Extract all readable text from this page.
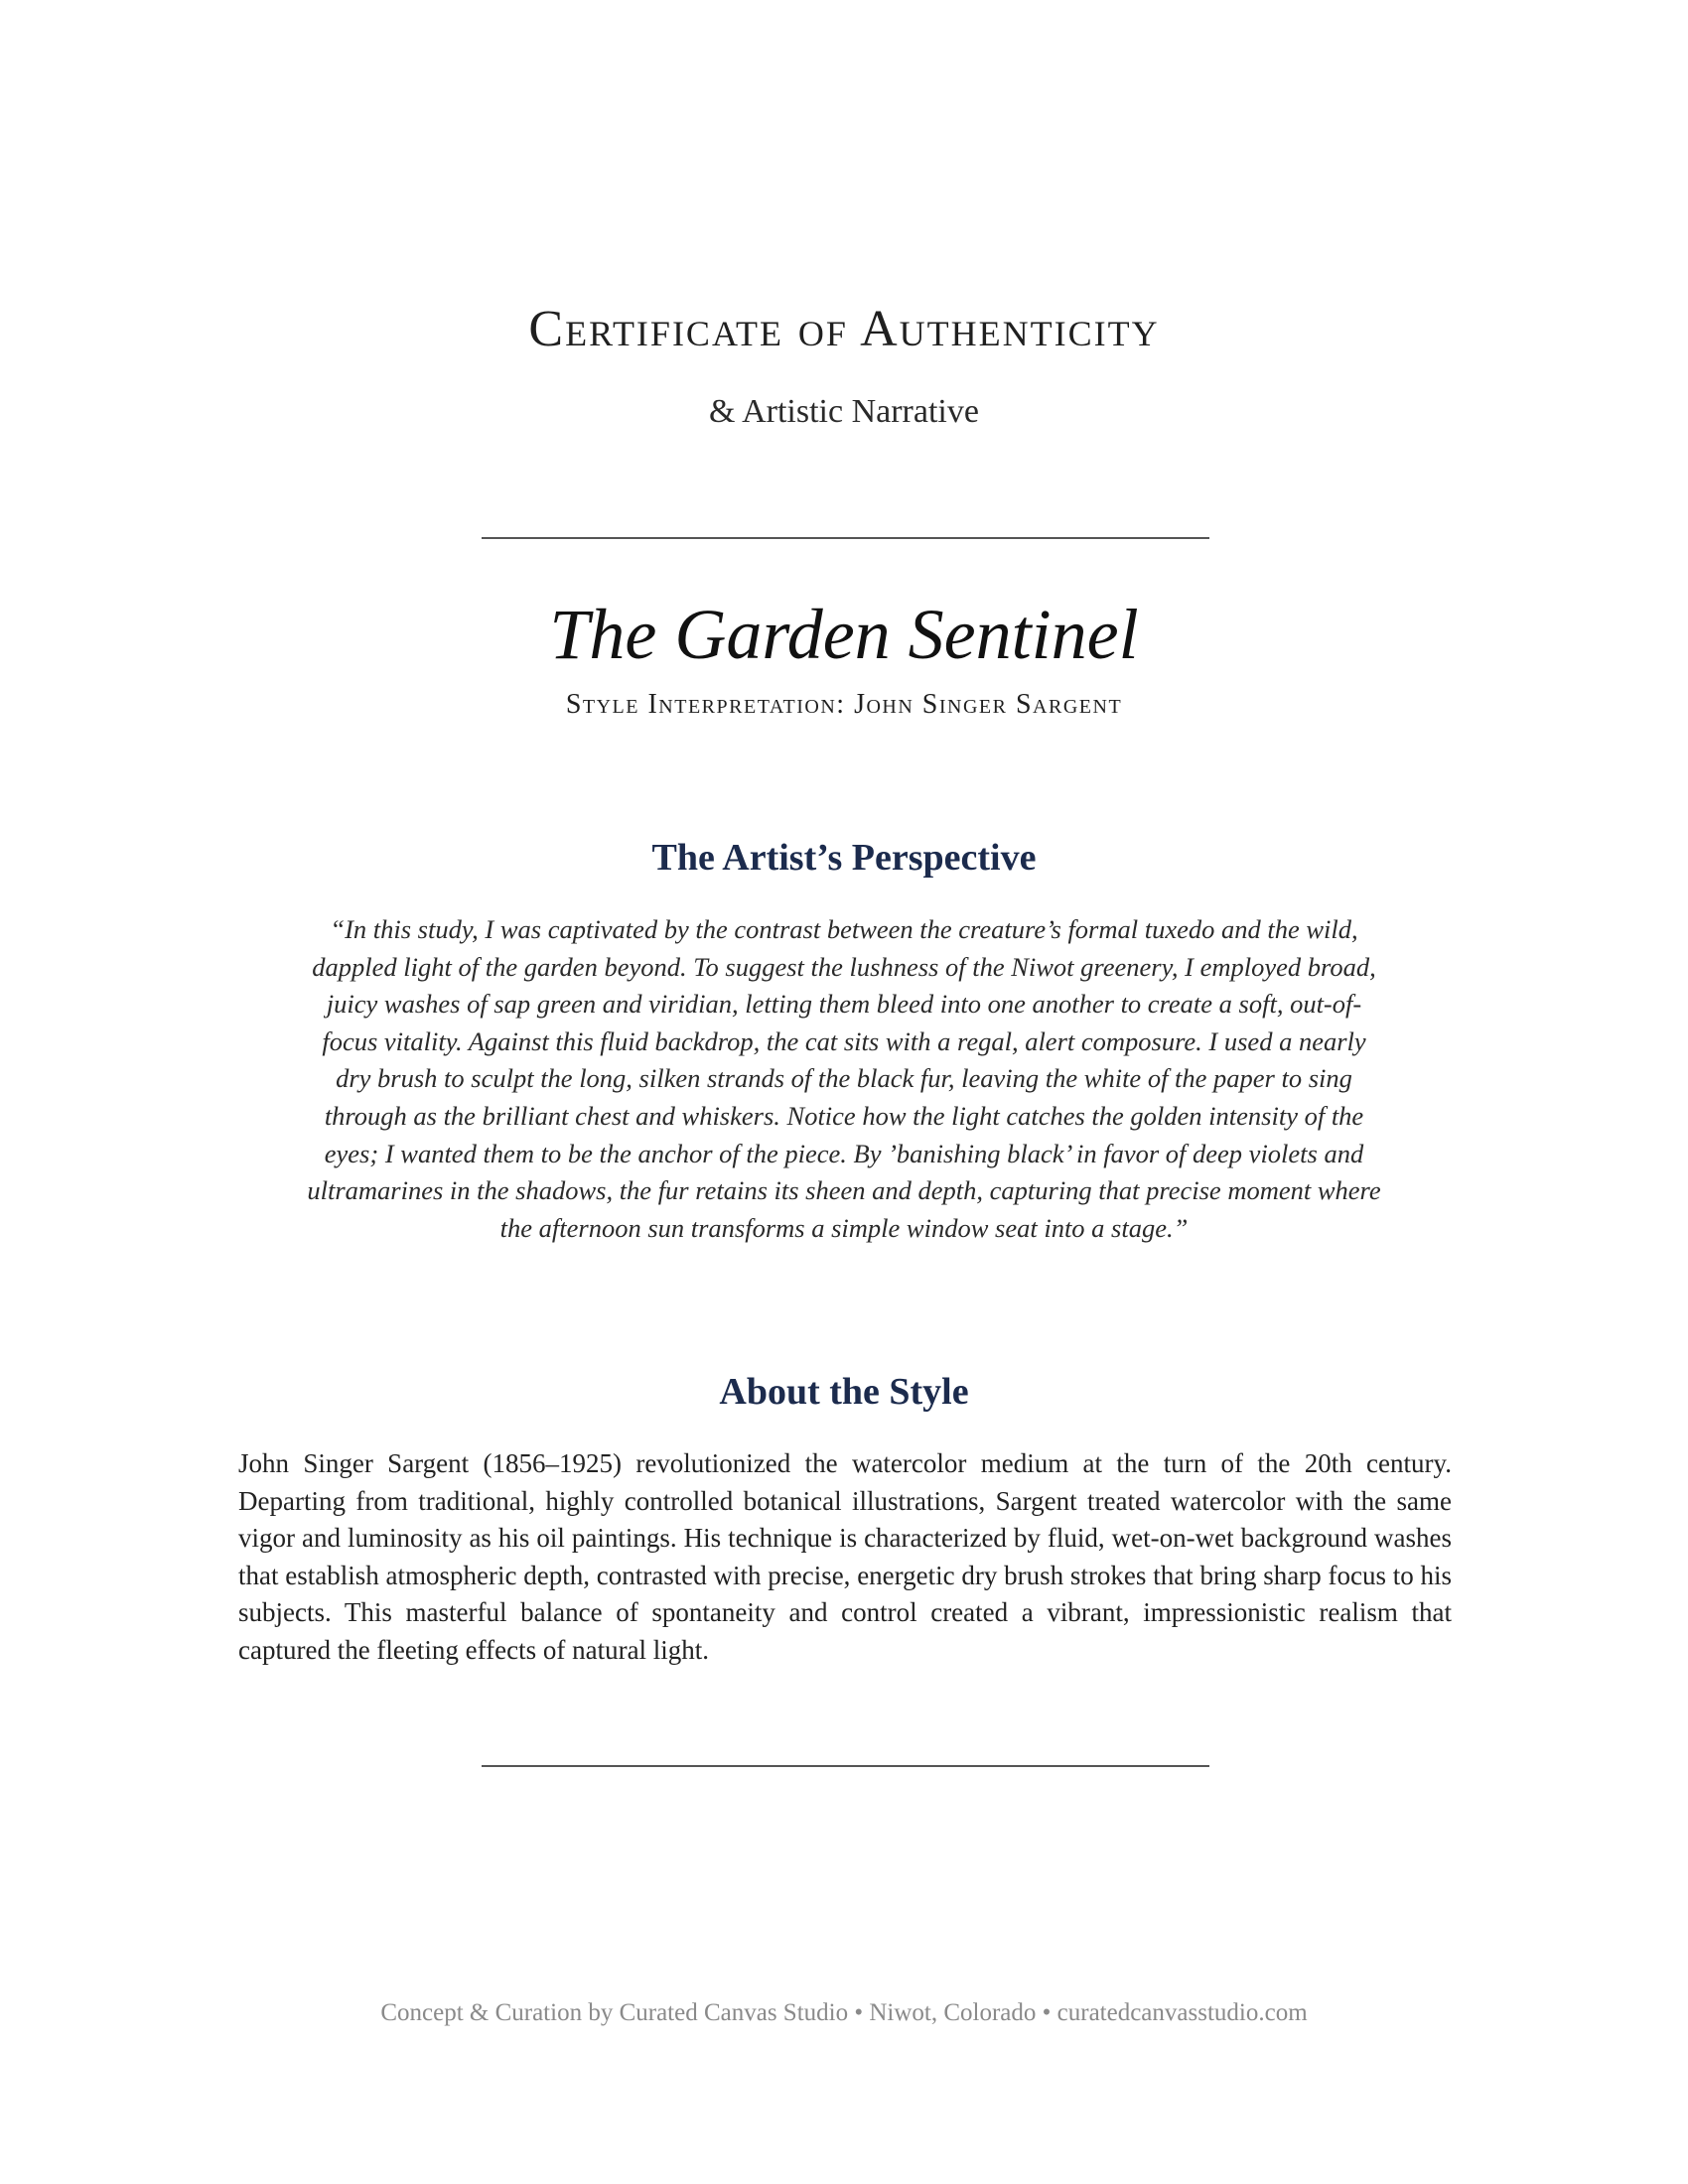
Certificate of Authenticity
& Artistic Narrative
The Garden Sentinel
Style Interpretation: John Singer Sargent
The Artist’s Perspective
“In this study, I was captivated by the contrast between the creature’s formal tuxedo and the wild, dappled light of the garden beyond. To suggest the lushness of the Niwot greenery, I employed broad, juicy washes of sap green and viridian, letting them bleed into one another to create a soft, out-of-focus vitality. Against this fluid backdrop, the cat sits with a regal, alert composure. I used a nearly dry brush to sculpt the long, silken strands of the black fur, leaving the white of the paper to sing through as the brilliant chest and whiskers. Notice how the light catches the golden intensity of the eyes; I wanted them to be the anchor of the piece. By ’banishing black’ in favor of deep violets and ultramarines in the shadows, the fur retains its sheen and depth, capturing that precise moment where the afternoon sun transforms a simple window seat into a stage.”
About the Style
John Singer Sargent (1856–1925) revolutionized the watercolor medium at the turn of the 20th century. Departing from traditional, highly controlled botanical illustrations, Sargent treated watercolor with the same vigor and luminosity as his oil paintings. His technique is characterized by fluid, wet-on-wet background washes that establish atmospheric depth, contrasted with precise, energetic dry brush strokes that bring sharp focus to his subjects. This masterful balance of spontaneity and control created a vibrant, impressionistic realism that captured the fleeting effects of natural light.
Concept & Curation by Curated Canvas Studio • Niwot, Colorado • curatedcanvasstudio.com
